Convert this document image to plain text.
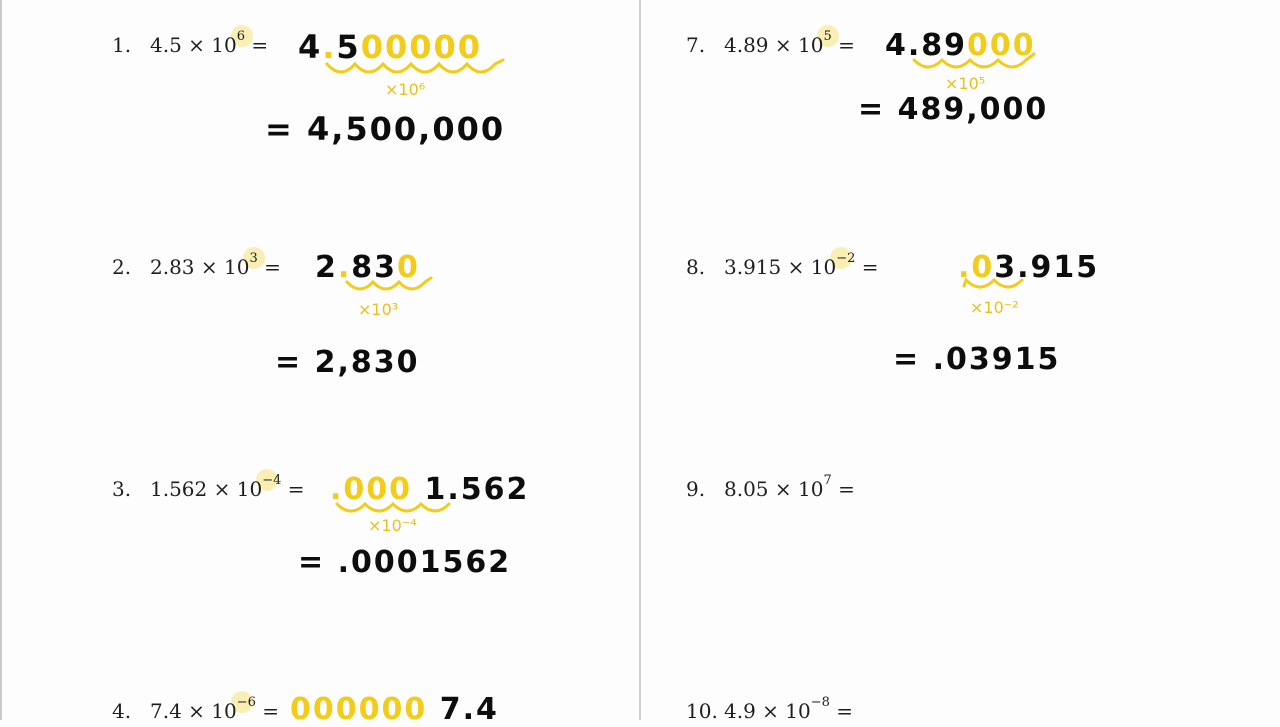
1. $4.5 \times 10^6 = 4.500000$
×10⁶
= 4,500,000
2. $2.83 \times 10^3 = 2.830$
×10³
= 2,830
3. $1.562 \times 10^{-4} = .000$ 1.562
×10⁻⁴
= .0001562
4. $7.4 \times 10^{-6} = 000000$ 7.4
7. $4.89 \times 10^5 = 4.89000$
×10⁵
= 489,000
8. $3.915 \times 10^{-2}$ =	.03.915
×10⁻²
= .03915
9. $8.05 \times 10^7$ =
10. $4.9 \times 10^{-8}$ =
